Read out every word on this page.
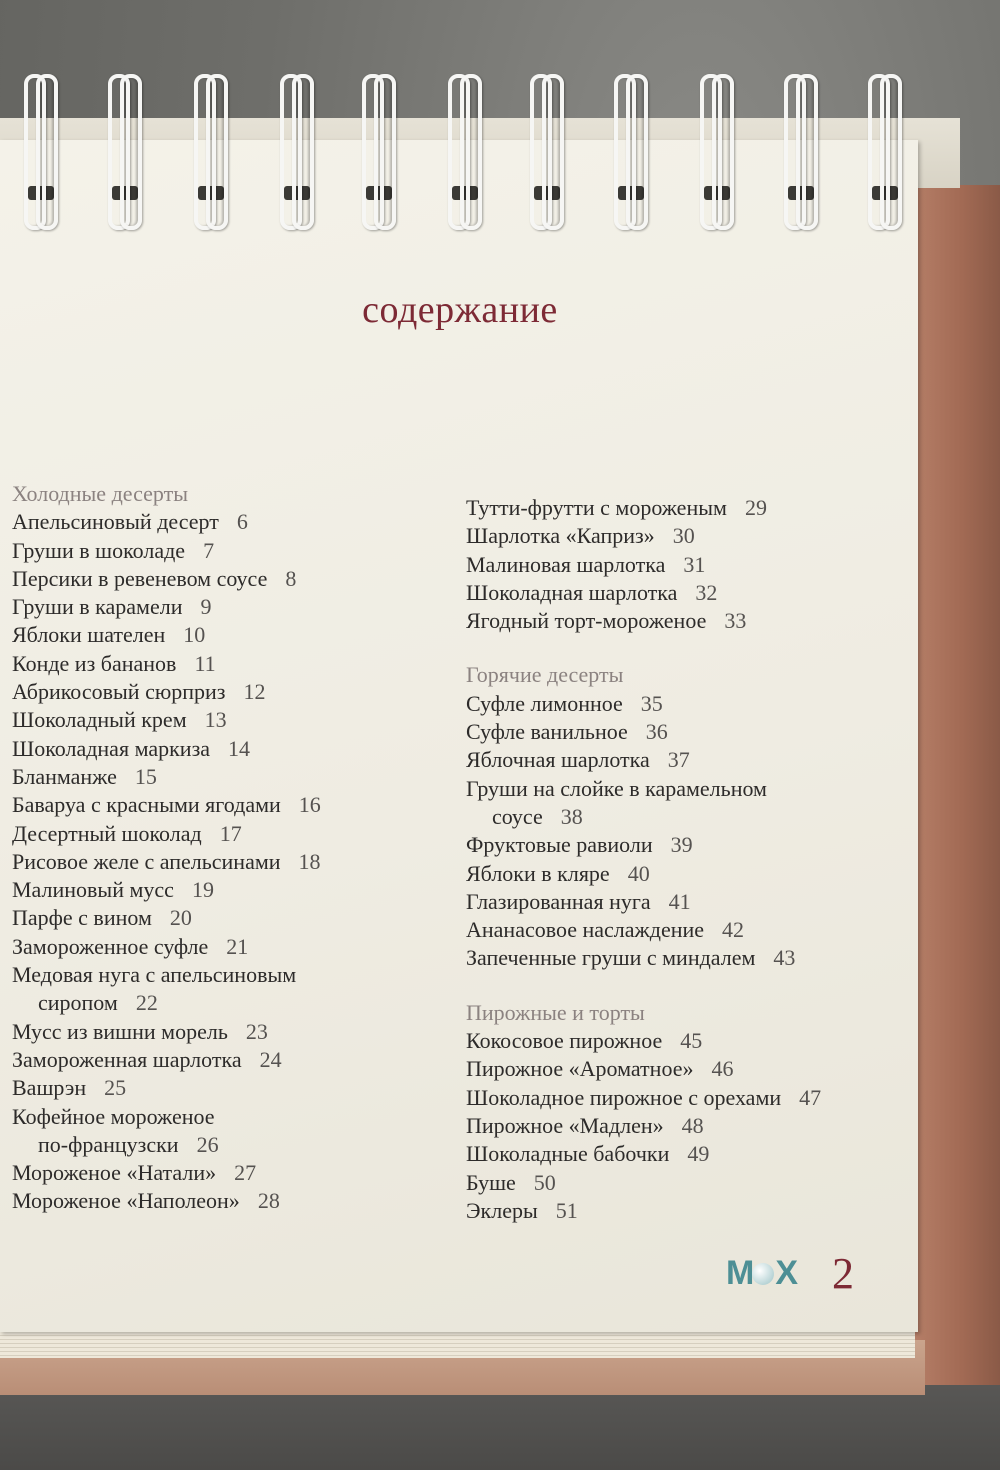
содержание

Холодные десерты

Апельсиновый десерт 6

Груши в шоколаде 7

Персики в ревеневом соусе 8

Груши в карамели 9

Яблоки шателен 10

Конде из бананов 11

Абрикосовый сюрприз 12

Шоколадный крем 13

Шоколадная маркиза 14

Бланманже 15

Баваруа с красными ягодами 16

Десертный шоколад 17

Рисовое желе с апельсинами 18

Малиновый мусс 19

Парфе с вином 20

Замороженное суфле 21

Медовая нуга с апельсиновым

сиропом 22

Мусс из вишни морель 23

Замороженная шарлотка 24

Вашрэн 25

Кофейное мороженое

по-французски 26

Мороженое «Натали» 27

Мороженое «Наполеон» 28

Тутти-фрутти с мороженым 29

Шарлотка «Каприз» 30

Малиновая шарлотка 31

Шоколадная шарлотка 32

Ягодный торт-мороженое 33

Горячие десерты

Суфле лимонное 35

Суфле ванильное 36

Яблочная шарлотка 37

Груши на слойке в карамельном

соусе 38

Фруктовые равиоли 39

Яблоки в кляре 40

Глазированная нуга 41

Ананасовое наслаждение 42

Запеченные груши с миндалем 43

Пирожные и торты

Кокосовое пирожное 45

Пирожное «Ароматное» 46

Шоколадное пирожное с орехами 47

Пирожное «Мадлен» 48

Шоколадные бабочки 49

Буше 50

Эклеры 51

M X 2
